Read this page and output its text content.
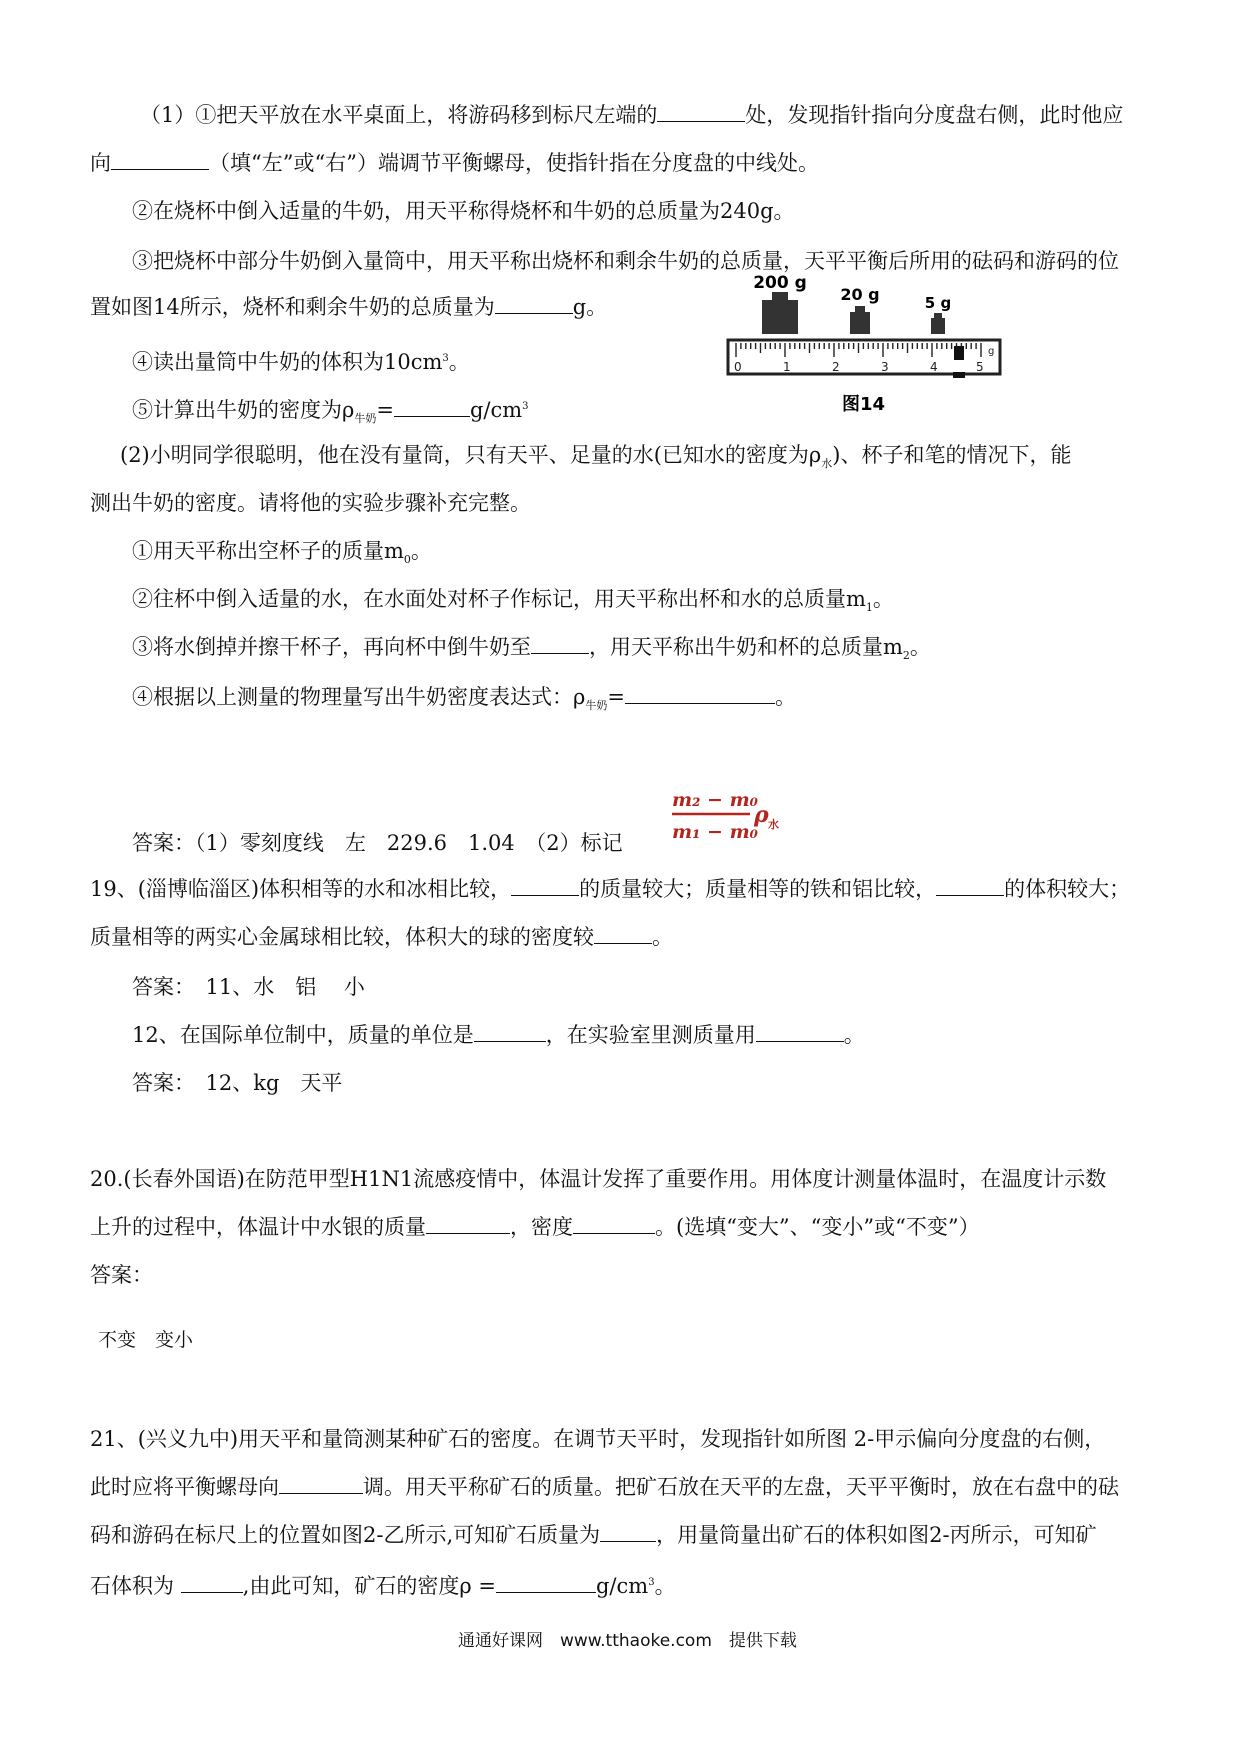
（1）①把天平放在水平桌面上，将游码移到标尺左端的	处，发现指针指向分度盘右侧，此时他应
向	（填“左”或“右”）端调节平衡螺母，使指针指在分度盘的中线处。
②在烧杯中倒入适量的牛奶，用天平称得烧杯和牛奶的总质量为240g。
③把烧杯中部分牛奶倒入量筒中，用天平称出烧杯和剩余牛奶的总质量，天平平衡后所用的砝码和游码的位
置如图14所示，烧杯和剩余牛奶的总质量为	g。
④读出量筒中牛奶的体积为$10cm^3$。
⑤计算出牛奶的密度为$\rho_{牛奶}=$	$g/cm^3$
200 g
20 g	5 g
0	1	2	3	4	5
g
图14
(2)小明同学很聪明，他在没有量筒，只有天平、足量的水(已知水的密度为$\rho_水$)、杯子和笔的情况下，能
测出牛奶的密度。请将他的实验步骤补充完整。
①用天平称出空杯子的质量$m_0$。
②往杯中倒入适量的水，在水面处对杯子作标记，用天平称出杯和水的总质量$m_1$。
③将水倒掉并擦干杯子，再向杯中倒牛奶至	，用天平称出牛奶和杯的总质量$m_2$。
④根据以上测量的物理量写出牛奶密度表达式：$\rho_{牛奶}=$	。
答案：（1）零刻度线　左　229.6　1.04　（2）标记
m₂ − m₀
m₁ − m₀
ρ 水
19、(淄博临淄区)体积相等的水和冰相比较，	的质量较大；质量相等的铁和铝比较，	的体积较大；
质量相等的两实心金属球相比较，体积大的球的密度较	。
答案：　11、水　铝　 小
12、在国际单位制中，质量的单位是	，在实验室里测质量用	。
答案：　12、kg　天平
20.(长春外国语)在防范甲型H1N1流感疫情中，体温计发挥了重要作用。用体度计测量体温时，在温度计示数
上升的过程中，体温计中水银的质量	，密度	。(选填“变大”、“变小”或“不变”）
答案：
不变　变小
21、(兴义九中)用天平和量筒测某种矿石的密度。在调节天平时，发现指针如所图 2-甲示偏向分度盘的右侧，
此时应将平衡螺母向	调。用天平称矿石的质量。把矿石放在天平的左盘，天平平衡时，放在右盘中的砝
码和游码在标尺上的位置如图2-乙所示,可知矿石质量为	，用量筒量出矿石的体积如图2-丙所示，可知矿
石体积为	,由此可知，矿石的密度ρ =	$g/cm^3$。
通通好课网　www.tthaoke.com　提供下载
